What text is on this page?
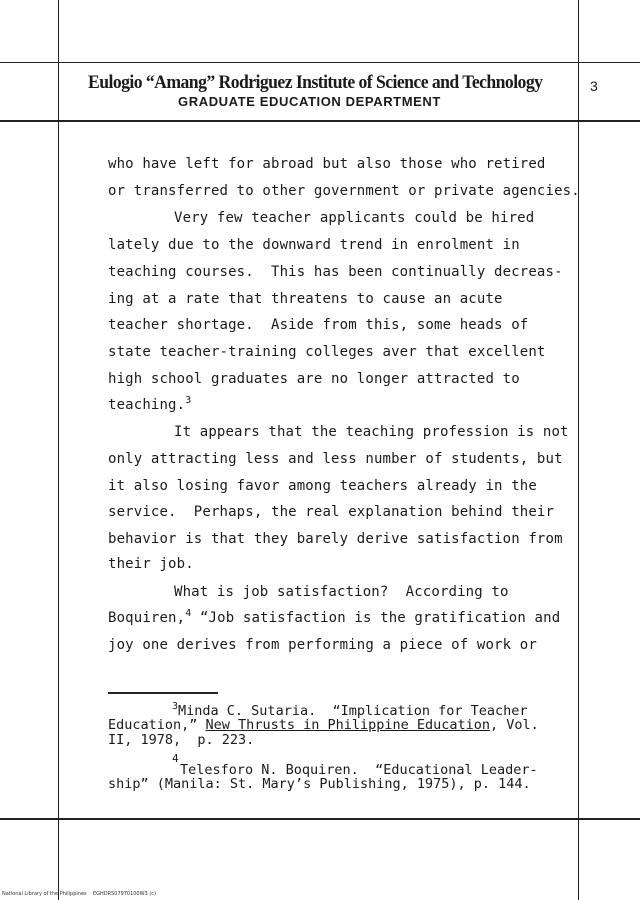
Eulogio “Amang” Rodriguez Institute of Science and Technology
GRADUATE EDUCATION DEPARTMENT
3
who have left for abroad but also those who retired
or transferred to other government or private agencies.
Very few teacher applicants could be hired
lately due to the downward trend in enrolment in
teaching courses.  This has been continually decreas-
ing at a rate that threatens to cause an acute
teacher shortage.  Aside from this, some heads of
state teacher-training colleges aver that excellent
high school graduates are no longer attracted to
teaching.$^3$
It appears that the teaching profession is not
only attracting less and less number of students, but
it also losing favor among teachers already in the
service.  Perhaps, the real explanation behind their
behavior is that they barely derive satisfaction from
their job.
What is job satisfaction?  According to
Boquiren,$^4$ “Job satisfaction is the gratification and
joy one derives from performing a piece of work or
$^3$Minda C. Sutaria.  “Implication for Teacher
Education,” New Thrusts in Philippine Education, Vol.
II, 1978,  p. 223.
4
Telesforo N. Boquiren.  “Educational Leader-
ship” (Manila: St. Mary’s Publishing, 1975), p. 144.
National Library of the Philippines    EGHDRS079T0100W3 (c)
